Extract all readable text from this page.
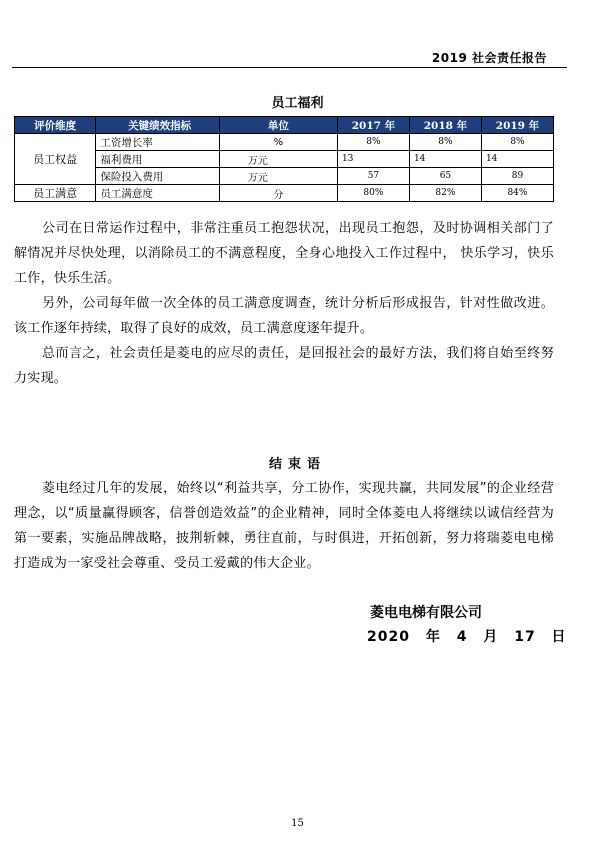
2019 社会责任报告
员工福利
评价维度	关键绩效指标	单位	2017 年	2018 年	2019 年
员工权益	工资增长率	%	8%	8%	8%
	福利费用	万元	13	14	14
	保险投入费用	万元	57	65	89
员工满意	员工满意度	分	80%	82%	84%
公司在日常运作过程中，非常注重员工抱怨状况，出现员工抱怨，及时协调相关部门了解情况并尽快处理，以消除员工的不满意程度，全身心地投入工作过程中， 快乐学习，快乐工作，快乐生活。
另外，公司每年做一次全体的员工满意度调查，统计分析后形成报告，针对性做改进。该工作逐年持续，取得了良好的成效，员工满意度逐年提升。
总而言之，社会责任是菱电的应尽的责任，是回报社会的最好方法，我们将自始至终努力实现。
结束语
菱电经过几年的发展，始终以“利益共享，分工协作，实现共赢，共同发展”的企业经营理念，以“质量赢得顾客，信誉创造效益”的企业精神，同时全体菱电人将继续以诚信经营为第一要素，实施品牌战略，披荆斩棘，勇往直前，与时俱进，开拓创新，努力将瑞菱电电梯打造成为一家受社会尊重、受员工爱戴的伟大企业。
菱电电梯有限公司
2020 年 4 月 17 日
15
